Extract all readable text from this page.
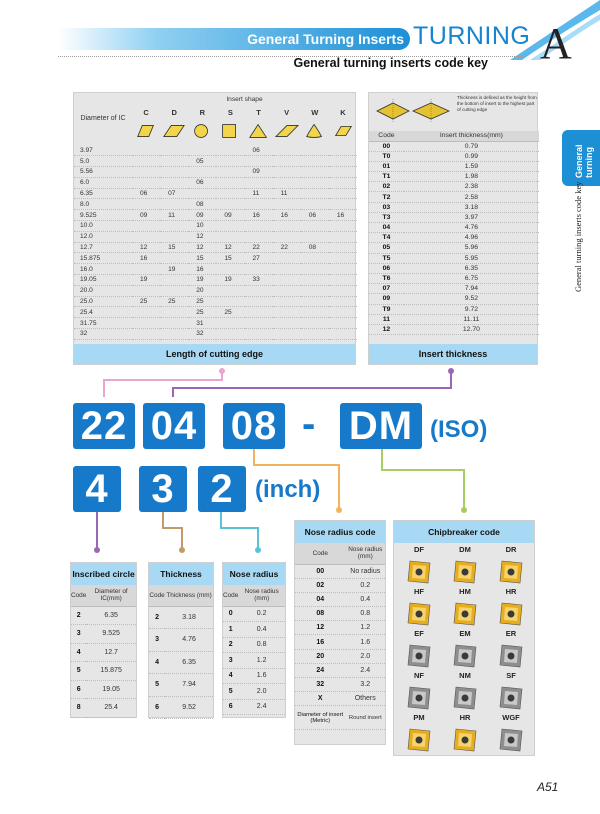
General Turning Inserts TURNING A
General turning inserts code key
General turning
General turning inserts code key
Diameter of IC	Insert shape							
	C	D	R	S	T	V	W	K

3.97					06			
5.0			05					
5.56					09			
6.0			06					
6.35	06	07			11	11		
8.0			08					
9.525	09	11	09	09	16	16	06	16
10.0			10					
12.0			12					
12.7	12	15	12	12	22	22	08	
15.875	16		15	15	27			
16.0		19	16					
19.05	19		19	19	33			
20.0			20					
25.0	25	25	25					
25.4			25	25				
31.75			31					
32			32					
Length of cutting edge
Thickness is defined as the height from the bottom of insert to the highest part of cutting edge
Code	Insert thickness(mm)
00	0.79
T0	0.99
01	1.59
T1	1.98
02	2.38
T2	2.58
03	3.18
T3	3.97
04	4.76
T4	4.96
05	5.96
T5	5.95
06	6.35
T6	6.75
07	7.94
09	9.52
T9	9.72
11	11.11
12	12.70
Insert thickness
22 04 08 - DM (ISO)
4	3 2 (inch)
Inscribed circle
Code	Diameter of IC(mm)
2	6.35
3	9.525
4	12.7
5	15.875
6	19.05
8	25.4
Thickness
Code	Thickness (mm)
2	3.18
3	4.76
4	6.35
5	7.94
6	9.52
Nose radius
Code	Nose radius (mm)
0	0.2
1	0.4
2	0.8
3	1.2
4	1.6
5	2.0
6	2.4
Nose radius code
Code	Nose radius (mm)
00	No radius
02	0.2
04	0.4
08	0.8
12	1.2
16	1.6
20	2.0
24	2.4
32	3.2
X	Others
Diameter of insert (Metric)	Round insert
Chipbreaker code
DF	DM	DR
HF	HM	HR
EF	EM	ER
NF	NM	SF
PM	HR	WGF
A51
